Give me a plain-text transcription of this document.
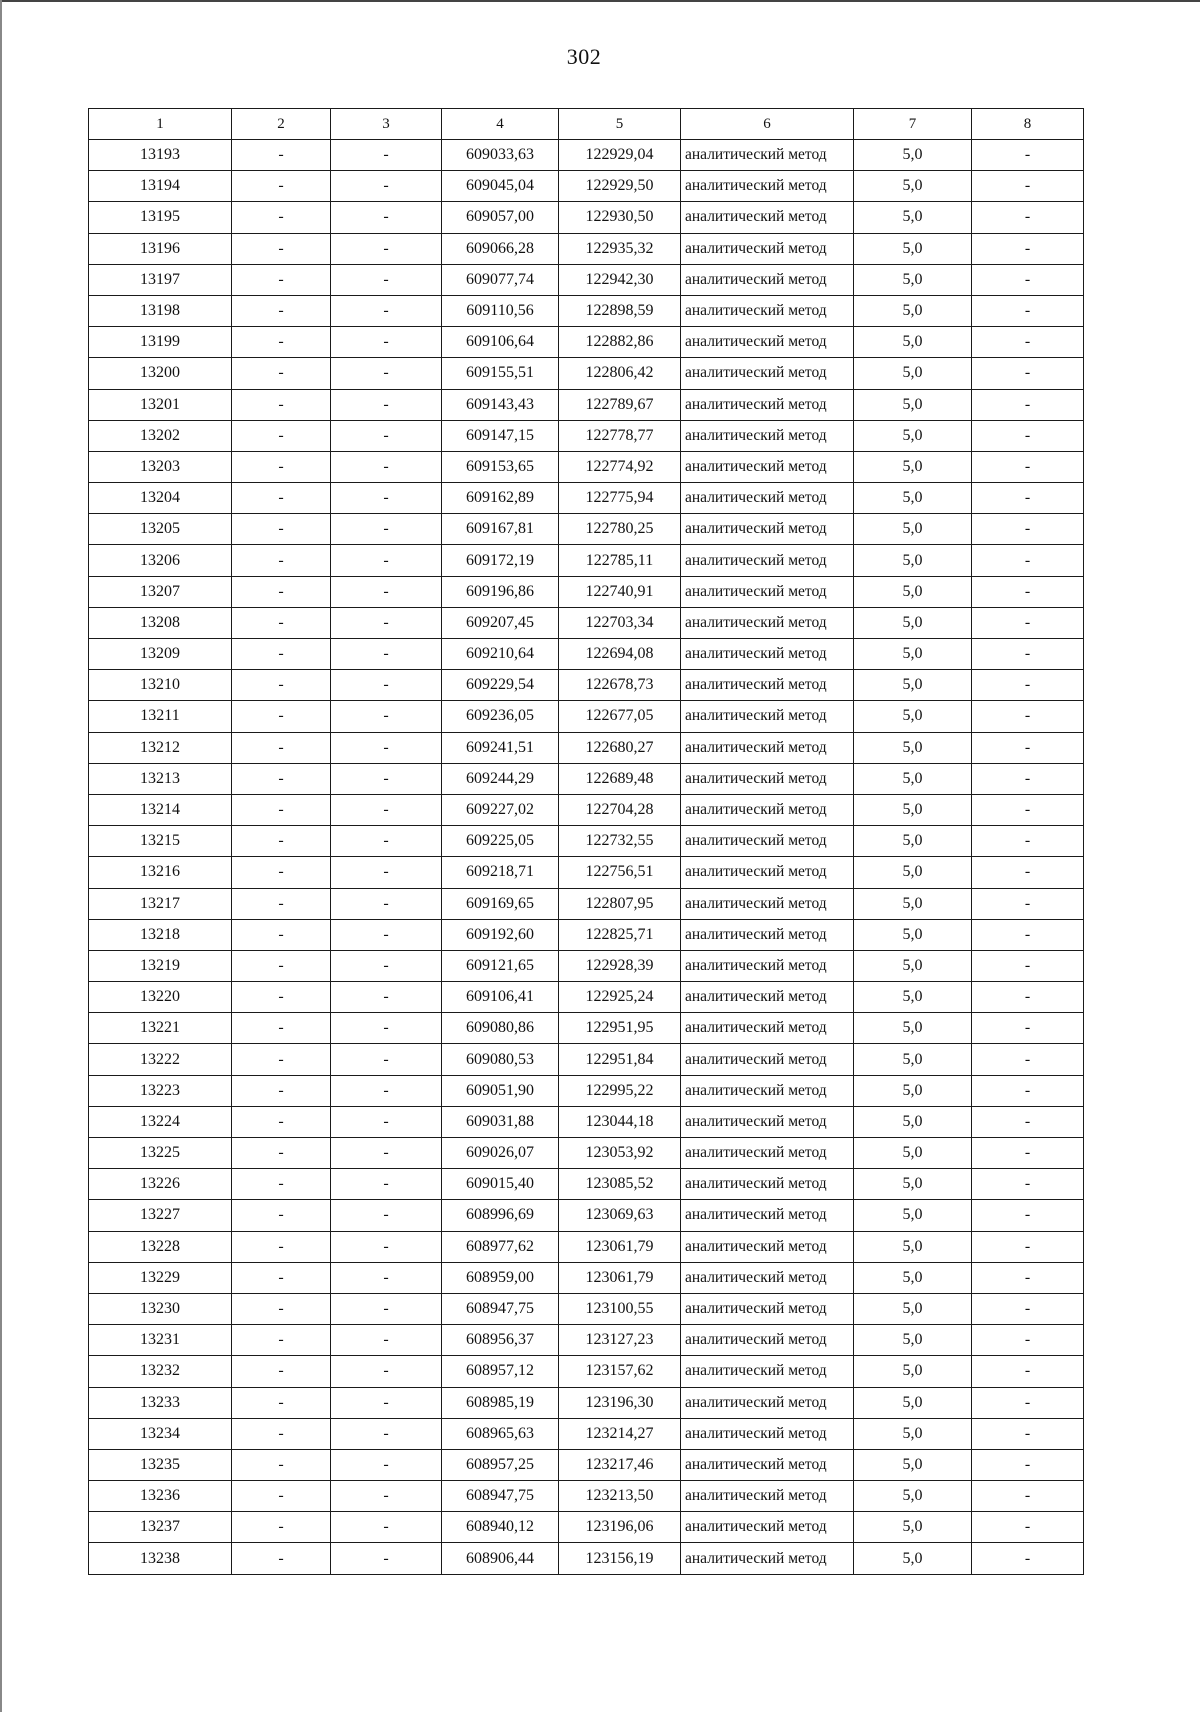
302
1	2	3	4	5	6	7	8
13193	-	-	609033,63	122929,04	аналитический метод	5,0	-
13194	-	-	609045,04	122929,50	аналитический метод	5,0	-
13195	-	-	609057,00	122930,50	аналитический метод	5,0	-
13196	-	-	609066,28	122935,32	аналитический метод	5,0	-
13197	-	-	609077,74	122942,30	аналитический метод	5,0	-
13198	-	-	609110,56	122898,59	аналитический метод	5,0	-
13199	-	-	609106,64	122882,86	аналитический метод	5,0	-
13200	-	-	609155,51	122806,42	аналитический метод	5,0	-
13201	-	-	609143,43	122789,67	аналитический метод	5,0	-
13202	-	-	609147,15	122778,77	аналитический метод	5,0	-
13203	-	-	609153,65	122774,92	аналитический метод	5,0	-
13204	-	-	609162,89	122775,94	аналитический метод	5,0	-
13205	-	-	609167,81	122780,25	аналитический метод	5,0	-
13206	-	-	609172,19	122785,11	аналитический метод	5,0	-
13207	-	-	609196,86	122740,91	аналитический метод	5,0	-
13208	-	-	609207,45	122703,34	аналитический метод	5,0	-
13209	-	-	609210,64	122694,08	аналитический метод	5,0	-
13210	-	-	609229,54	122678,73	аналитический метод	5,0	-
13211	-	-	609236,05	122677,05	аналитический метод	5,0	-
13212	-	-	609241,51	122680,27	аналитический метод	5,0	-
13213	-	-	609244,29	122689,48	аналитический метод	5,0	-
13214	-	-	609227,02	122704,28	аналитический метод	5,0	-
13215	-	-	609225,05	122732,55	аналитический метод	5,0	-
13216	-	-	609218,71	122756,51	аналитический метод	5,0	-
13217	-	-	609169,65	122807,95	аналитический метод	5,0	-
13218	-	-	609192,60	122825,71	аналитический метод	5,0	-
13219	-	-	609121,65	122928,39	аналитический метод	5,0	-
13220	-	-	609106,41	122925,24	аналитический метод	5,0	-
13221	-	-	609080,86	122951,95	аналитический метод	5,0	-
13222	-	-	609080,53	122951,84	аналитический метод	5,0	-
13223	-	-	609051,90	122995,22	аналитический метод	5,0	-
13224	-	-	609031,88	123044,18	аналитический метод	5,0	-
13225	-	-	609026,07	123053,92	аналитический метод	5,0	-
13226	-	-	609015,40	123085,52	аналитический метод	5,0	-
13227	-	-	608996,69	123069,63	аналитический метод	5,0	-
13228	-	-	608977,62	123061,79	аналитический метод	5,0	-
13229	-	-	608959,00	123061,79	аналитический метод	5,0	-
13230	-	-	608947,75	123100,55	аналитический метод	5,0	-
13231	-	-	608956,37	123127,23	аналитический метод	5,0	-
13232	-	-	608957,12	123157,62	аналитический метод	5,0	-
13233	-	-	608985,19	123196,30	аналитический метод	5,0	-
13234	-	-	608965,63	123214,27	аналитический метод	5,0	-
13235	-	-	608957,25	123217,46	аналитический метод	5,0	-
13236	-	-	608947,75	123213,50	аналитический метод	5,0	-
13237	-	-	608940,12	123196,06	аналитический метод	5,0	-
13238	-	-	608906,44	123156,19	аналитический метод	5,0	-
